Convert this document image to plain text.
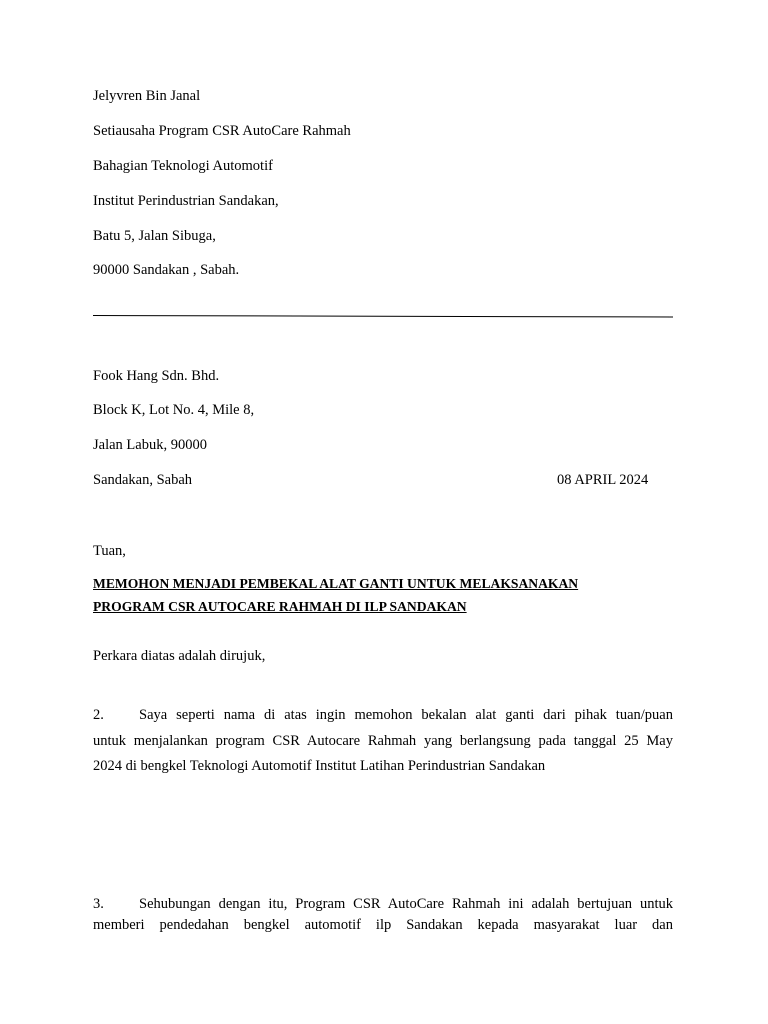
Jelyvren Bin Janal
Setiausaha Program CSR AutoCare Rahmah
Bahagian Teknologi Automotif
Institut Perindustrian Sandakan,
Batu 5, Jalan Sibuga,
90000 Sandakan , Sabah.
Fook Hang Sdn. Bhd.
Block K, Lot No. 4, Mile 8,
Jalan Labuk, 90000
Sandakan, Sabah	08 APRIL 2024
Tuan,
MEMOHON MENJADI PEMBEKAL ALAT GANTI UNTUK MELAKSANAKAN
PROGRAM CSR AUTOCARE RAHMAH DI ILP SANDAKAN
Perkara diatas adalah dirujuk,
2. Saya seperti nama di atas ingin memohon bekalan alat ganti dari pihak tuan/puan
untuk menjalankan program CSR Autocare Rahmah yang berlangsung pada tanggal 25 May
2024 di bengkel Teknologi Automotif Institut Latihan Perindustrian Sandakan
3. Sehubungan dengan itu, Program CSR AutoCare Rahmah ini adalah bertujuan untuk
memberi pendedahan bengkel automotif ilp Sandakan kepada masyarakat luar dan
